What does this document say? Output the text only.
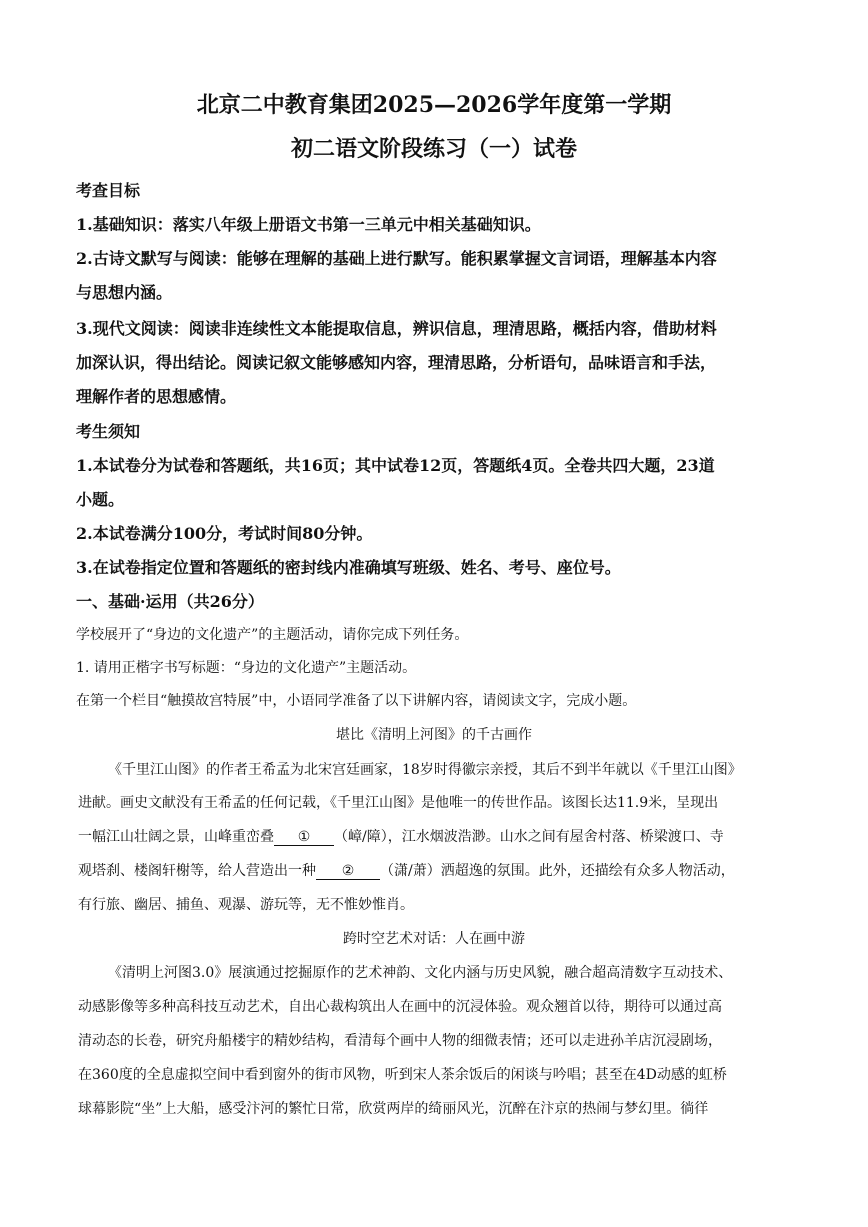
北京二中教育集团2025—2026学年度第一学期
初二语文阶段练习（一）试卷
考查目标
1.基础知识：落实八年级上册语文书第一三单元中相关基础知识。
2.古诗文默写与阅读：能够在理解的基础上进行默写。能积累掌握文言词语，理解基本内容
与思想内涵。
3.现代文阅读：阅读非连续性文本能提取信息，辨识信息，理清思路，概括内容，借助材料
加深认识，得出结论。阅读记叙文能够感知内容，理清思路，分析语句，品味语言和手法，
理解作者的思想感情。
考生须知
1.本试卷分为试卷和答题纸，共16页；其中试卷12页，答题纸4页。全卷共四大题，23道
小题。
2.本试卷满分100分，考试时间80分钟。
3.在试卷指定位置和答题纸的密封线内准确填写班级、姓名、考号、座位号。
一、基础·运用（共26分）
学校展开了“身边的文化遗产”的主题活动，请你完成下列任务。
1. 请用正楷字书写标题：“身边的文化遗产”主题活动。
在第一个栏目“触摸故宫特展”中，小语同学准备了以下讲解内容，请阅读文字，完成小题。
堪比《清明上河图》的千古画作
《千里江山图》的作者王希孟为北宋宫廷画家，18岁时得徽宗亲授，其后不到半年就以《千里江山图》
进献。画史文献没有王希孟的任何记载，《千里江山图》是他唯一的传世作品。该图长达11.9米，呈现出
一幅江山壮阔之景，山峰重峦叠 ① （嶂/障），江水烟波浩渺。山水之间有屋舍村落、桥梁渡口、寺
观塔刹、楼阁轩榭等，给人营造出一种 ② （潇/萧）洒超逸的氛围。此外，还描绘有众多人物活动，
有行旅、幽居、捕鱼、观瀑、游玩等，无不惟妙惟肖。
跨时空艺术对话：人在画中游
《清明上河图3.0》展演通过挖掘原作的艺术神韵、文化内涵与历史风貌，融合超高清数字互动技术、
动感影像等多种高科技互动艺术，自出心裁构筑出人在画中的沉浸体验。观众翘首以待，期待可以通过高
清动态的长卷，研究舟船楼宇的精妙结构，看清每个画中人物的细微表情；还可以走进孙羊店沉浸剧场，
在360度的全息虚拟空间中看到窗外的街市风物，听到宋人茶余饭后的闲谈与吟唱；甚至在4D动感的虹桥
球幕影院“坐”上大船，感受汴河的繁忙日常，欣赏两岸的绮丽风光，沉醉在汴京的热闹与梦幻里。徜徉
